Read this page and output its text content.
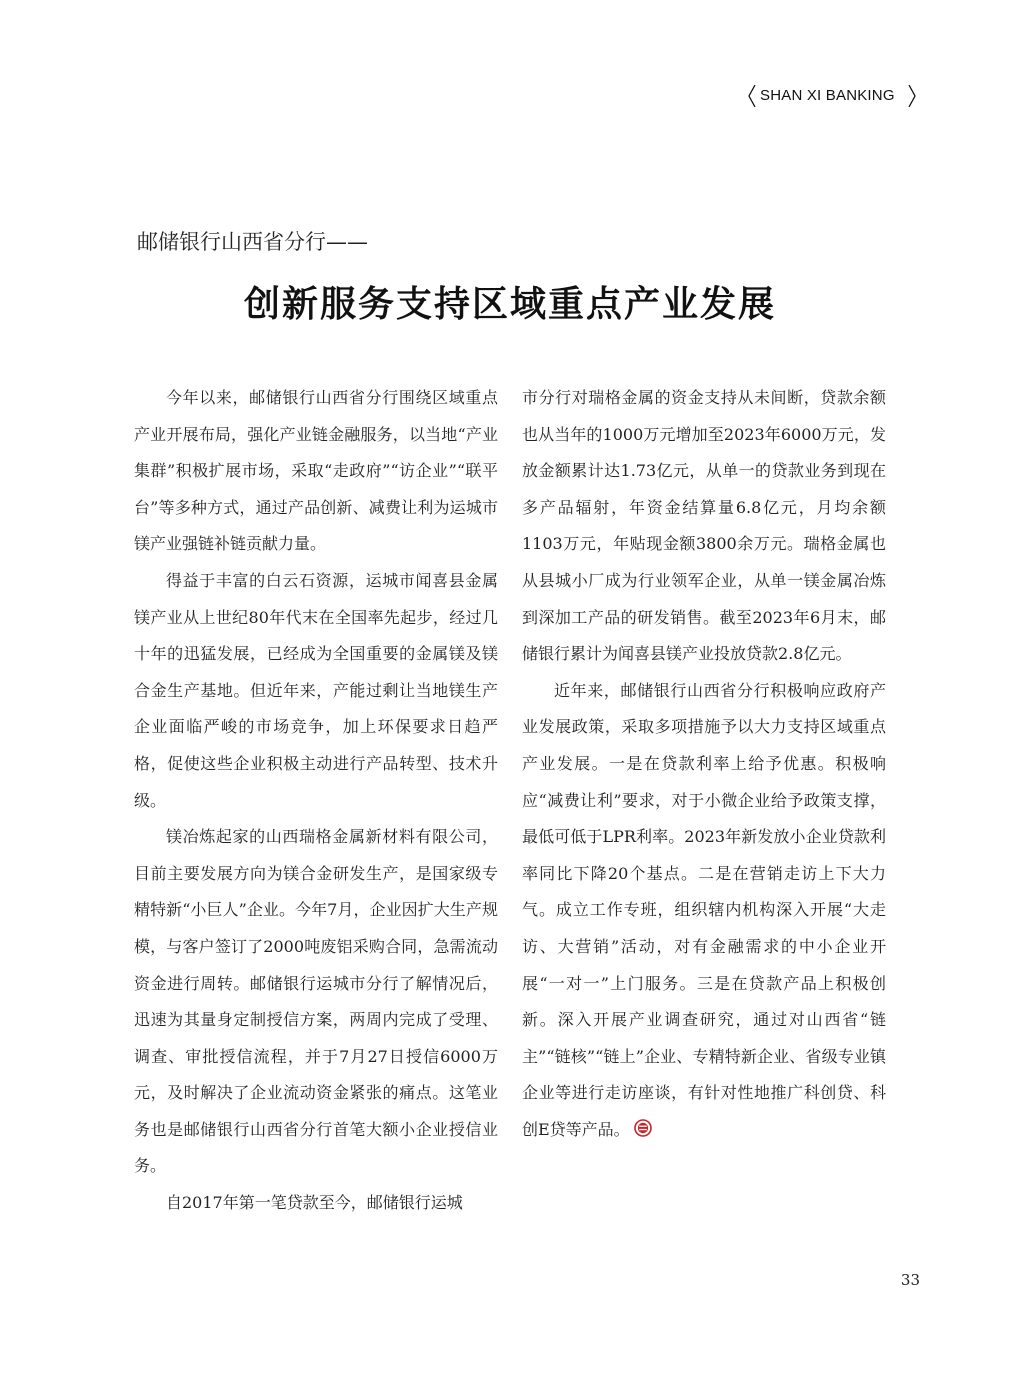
SHAN XI BANKING
邮储银行山西省分行——
创新服务支持区域重点产业发展

今年以来，邮储银行山西省分行围绕区域重点产业开展布局，强化产业链金融服务，以当地“产业集群”积极扩展市场，采取“走政府”“访企业”“联平台”等多种方式，通过产品创新、减费让利为运城市镁产业强链补链贡献力量。

得益于丰富的白云石资源，运城市闻喜县金属镁产业从上世纪80年代末在全国率先起步，经过几十年的迅猛发展，已经成为全国重要的金属镁及镁合金生产基地。但近年来，产能过剩让当地镁生产企业面临严峻的市场竞争，加上环保要求日趋严格，促使这些企业积极主动进行产品转型、技术升级。

镁冶炼起家的山西瑞格金属新材料有限公司，目前主要发展方向为镁合金研发生产，是国家级专精特新“小巨人”企业。今年7月，企业因扩大生产规模，与客户签订了2000吨废铝采购合同，急需流动资金进行周转。邮储银行运城市分行了解情况后，迅速为其量身定制授信方案，两周内完成了受理、调查、审批授信流程，并于7月27日授信6000万元，及时解决了企业流动资金紧张的痛点。这笔业务也是邮储银行山西省分行首笔大额小企业授信业务。

自2017年第一笔贷款至今，邮储银行运城

市分行对瑞格金属的资金支持从未间断，贷款余额也从当年的1000万元增加至2023年6000万元，发放金额累计达1.73亿元，从单一的贷款业务到现在多产品辐射，年资金结算量6.8亿元，月均余额1103万元，年贴现金额3800余万元。瑞格金属也从县城小厂成为行业领军企业，从单一镁金属冶炼到深加工产品的研发销售。截至2023年6月末，邮储银行累计为闻喜县镁产业投放贷款2.8亿元。

近年来，邮储银行山西省分行积极响应政府产业发展政策，采取多项措施予以大力支持区域重点产业发展。一是在贷款利率上给予优惠。积极响应“减费让利”要求，对于小微企业给予政策支撑，最低可低于LPR利率。2023年新发放小企业贷款利率同比下降20个基点。二是在营销走访上下大力气。成立工作专班，组织辖内机构深入开展“大走访、大营销”活动，对有金融需求的中小企业开展“一对一”上门服务。三是在贷款产品上积极创新。深入开展产业调查研究，通过对山西省“链主”“链核”“链上”企业、专精特新企业、省级专业镇企业等进行走访座谈，有针对性地推广科创贷、科创E贷等产品。

33
